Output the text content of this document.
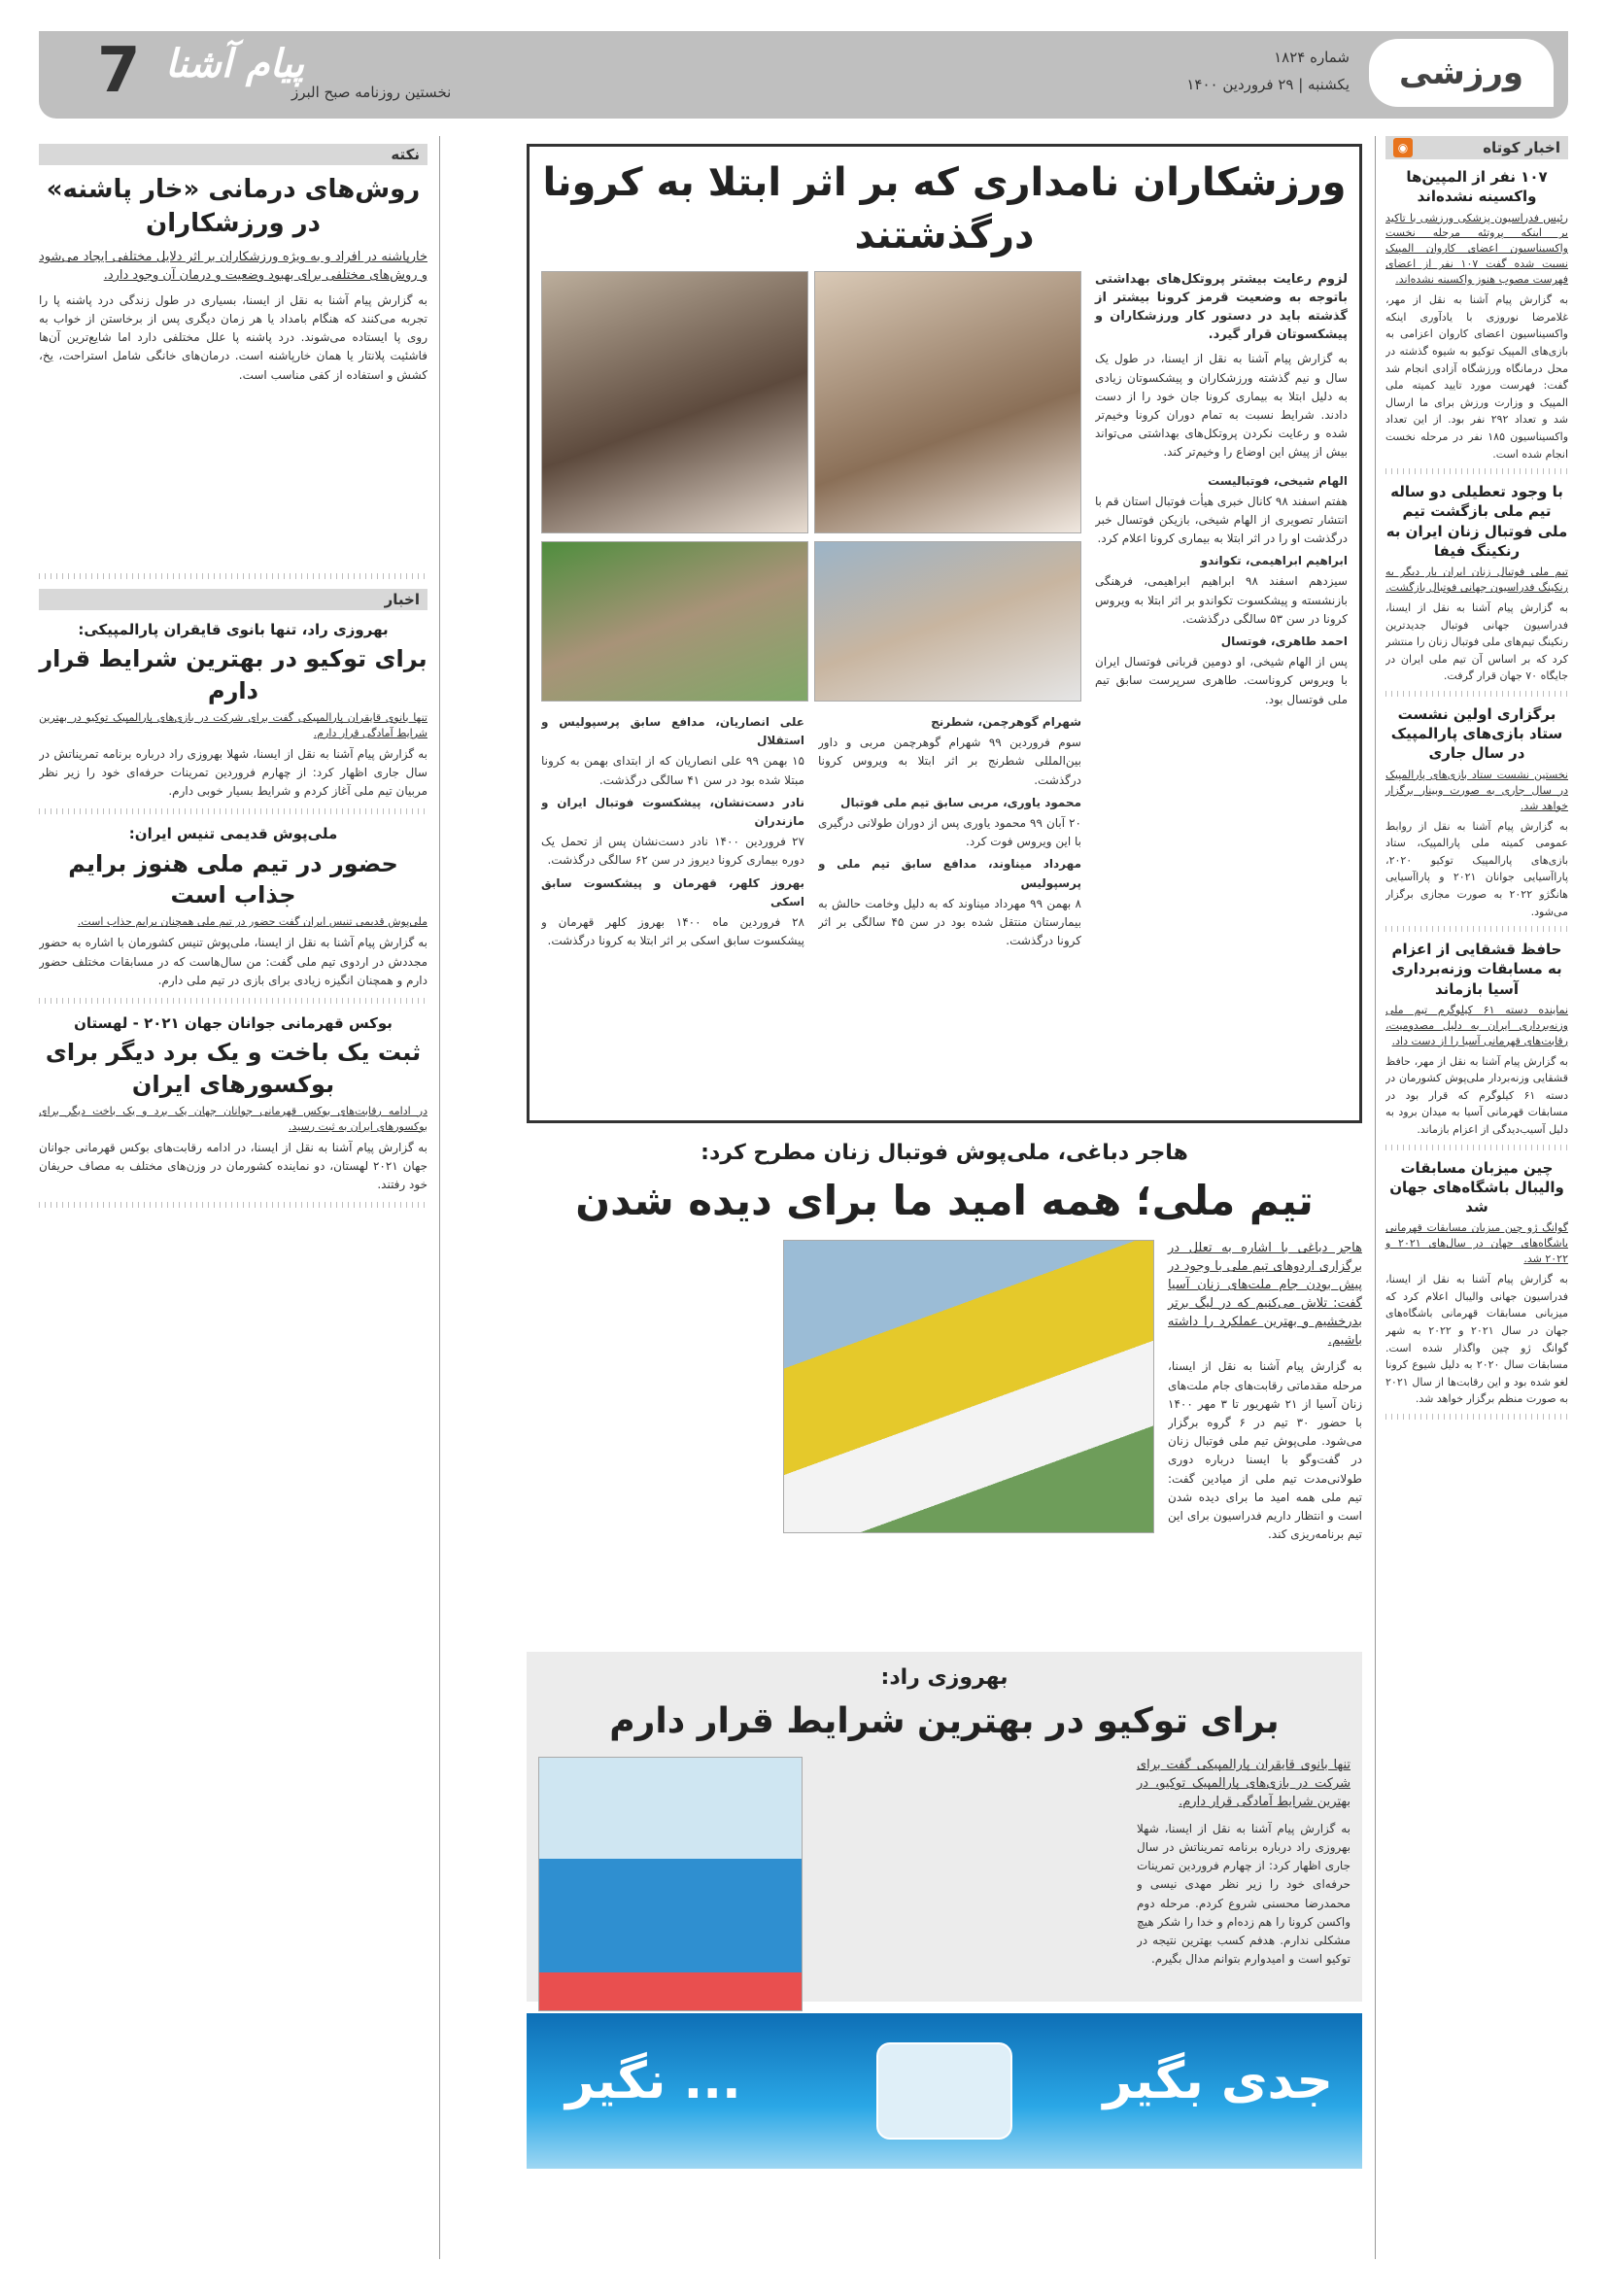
ورزشی
شماره ۱۸۲۴
یکشنبه | ۲۹ فروردین ۱۴۰۰
7 پیام آشنا
نخستین روزنامه صبح البرز
اخبار کوتاه
◉
۱۰۷ نفر از المپین‌ها واکسینه نشده‌اند
رئیس فدراسیون پزشکی ورزشی با تاکید بر اینکه پروتئه مرحله نخست واکسیناسیون اعضای کاروان المپیک نسبت شده گفت ۱۰۷ نفر از اعضای فهرست مصوب هنوز واکسینه نشده‌اند.
به گزارش پیام آشنا به نقل از مهر، غلامرضا نوروزی با یادآوری اینکه واکسیناسیون اعضای کاروان اعزامی به بازی‌های المپیک توکیو به شیوه گذشته در محل درمانگاه ورزشگاه آزادی انجام شد گفت: فهرست مورد تایید کمیته ملی المپیک و وزارت ورزش برای ما ارسال شد و تعداد ۲۹۲ نفر بود. از این تعداد واکسیناسیون ۱۸۵ نفر در مرحله نخست انجام شده است.
با وجود تعطیلی دو ساله تیم ملی بازگشت تیم ملی فوتبال زنان ایران به رنکینگ فیفا
تیم ملی فوتبال زنان ایران بار دیگر به رنکینگ فدراسیون جهانی فوتبال بازگشت.
به گزارش پیام آشنا به نقل از ایسنا، فدراسیون جهانی فوتبال جدیدترین رنکینگ تیم‌های ملی فوتبال زنان را منتشر کرد که بر اساس آن تیم ملی ایران در جایگاه ۷۰ جهان قرار گرفت.
برگزاری اولین نشست ستاد بازی‌های پارالمپیک در سال جاری
نخستین نشست ستاد بازی‌های پارالمپیک در سال جاری به صورت وبینار برگزار خواهد شد.
به گزارش پیام آشنا به نقل از روابط عمومی کمیته ملی پارالمپیک، ستاد بازی‌های پارالمپیک توکیو ۲۰۲۰، پاراآسیایی جوانان ۲۰۲۱ و پاراآسیایی هانگژو ۲۰۲۲ به صورت مجازی برگزار می‌شود.
حافظ قشقایی از اعزام به مسابقات وزنه‌برداری آسیا بازماند
نماینده دسته ۶۱ کیلوگرم تیم ملی وزنه‌برداری ایران به دلیل مصدومیت، رقابت‌های قهرمانی آسیا را از دست داد.
به گزارش پیام آشنا به نقل از مهر، حافظ قشقایی وزنه‌بردار ملی‌پوش کشورمان در دسته ۶۱ کیلوگرم که قرار بود در مسابقات قهرمانی آسیا به میدان برود به دلیل آسیب‌دیدگی از اعزام بازماند.
چین میزبان مسابقات والیبال باشگاه‌های جهان شد
گوانگ ژو چین میزبان مسابقات قهرمانی باشگاه‌های جهان در سال‌های ۲۰۲۱ و ۲۰۲۲ شد.
به گزارش پیام آشنا به نقل از ایسنا، فدراسیون جهانی والیبال اعلام کرد که میزبانی مسابقات قهرمانی باشگاه‌های جهان در سال ۲۰۲۱ و ۲۰۲۲ به شهر گوانگ ژو چین واگذار شده است. مسابقات سال ۲۰۲۰ به دلیل شیوع کرونا لغو شده بود و این رقابت‌ها از سال ۲۰۲۱ به صورت منظم برگزار خواهد شد.
ورزشکاران نامداری که بر اثر ابتلا به کرونا درگذشتند
لزوم رعایت بیشتر پروتکل‌های بهداشتی باتوجه به وضعیت قرمز کرونا بیشتر از گذشته باید در دستور کار ورزشکاران و پیشکسوتان قرار گیرد.
به گزارش پیام آشنا به نقل از ایسنا، در طول یک سال و نیم گذشته ورزشکاران و پیشکسوتان زیادی به دلیل ابتلا به بیماری کرونا جان خود را از دست دادند. شرایط نسبت به تمام دوران کرونا وخیم‌تر شده و رعایت نکردن پروتکل‌های بهداشتی می‌تواند بیش از پیش این اوضاع را وخیم‌تر کند.
الهام شیخی، فوتبالیست
هفتم اسفند ۹۸ کانال خبری هیأت فوتبال استان قم با انتشار تصویری از الهام شیخی، بازیکن فوتسال خبر درگذشت او را در اثر ابتلا به بیماری کرونا اعلام کرد.
ابراهیم ابراهیمی، تکواندو
سیزدهم اسفند ۹۸ ابراهیم ابراهیمی، فرهنگی بازنشسته و پیشکسوت تکواندو بر اثر ابتلا به ویروس کرونا در سن ۵۳ سالگی درگذشت.
احمد طاهری، فوتسال
پس از الهام شیخی، او دومین قربانی فوتسال ایران با ویروس کروناست. طاهری سرپرست سابق تیم ملی فوتسال بود.
شهرام گوهرچمن، شطرنج
سوم فروردین ۹۹ شهرام گوهرچمن مربی و داور بین‌المللی شطرنج بر اثر ابتلا به ویروس کرونا درگذشت.
محمود یاوری، مربی سابق تیم ملی فوتبال
۲۰ آبان ۹۹ محمود یاوری پس از دوران طولانی درگیری با این ویروس فوت کرد.
مهرداد میناوند، مدافع سابق تیم ملی و پرسپولیس
۸ بهمن ۹۹ مهرداد میناوند که به دلیل وخامت حالش به بیمارستان منتقل شده بود در سن ۴۵ سالگی بر اثر کرونا درگذشت.
علی انصاریان، مدافع سابق پرسپولیس و استقلال
۱۵ بهمن ۹۹ علی انصاریان که از ابتدای بهمن به کرونا مبتلا شده بود در سن ۴۱ سالگی درگذشت.
نادر دست‌نشان، پیشکسوت فوتبال ایران و مازندران
۲۷ فروردین ۱۴۰۰ نادر دست‌نشان پس از تحمل یک دوره بیماری کرونا دیروز در سن ۶۲ سالگی درگذشت.
بهروز کلهر، قهرمان و پیشکسوت سابق اسکی
۲۸ فروردین ماه ۱۴۰۰ بهروز کلهر قهرمان و پیشکسوت سابق اسکی بر اثر ابتلا به کرونا درگذشت.
هاجر دباغی، ملی‌پوش فوتبال زنان مطرح کرد:
تیم ملی؛ همه امید ما برای دیده شدن
هاجر دباغی با اشاره به تعلل در برگزاری اردوهای تیم ملی با وجود در پیش بودن جام ملت‌های زنان آسیا گفت: تلاش می‌کنیم که در لیگ برتر بدرخشیم و بهترین عملکرد را داشته باشیم.
به گزارش پیام آشنا به نقل از ایسنا، مرحله مقدماتی رقابت‌های جام ملت‌های زنان آسیا از ۲۱ شهریور تا ۳ مهر ۱۴۰۰ با حضور ۳۰ تیم در ۶ گروه برگزار می‌شود. ملی‌پوش تیم ملی فوتبال زنان در گفت‌وگو با ایسنا درباره دوری طولانی‌مدت تیم ملی از میادین گفت: تیم ملی همه امید ما برای دیده شدن است و انتظار داریم فدراسیون برای این تیم برنامه‌ریزی کند.
بهروزی راد:
برای توکیو در بهترین شرایط قرار دارم
تنها بانوی قایقران پارالمپیکی گفت برای شرکت در بازی‌های پارالمپیک توکیو، در بهترین شرایط آمادگی قرار دارم.
به گزارش پیام آشنا به نقل از ایسنا، شهلا بهروزی راد درباره برنامه تمریناتش در سال جاری اظهار کرد: از چهارم فروردین تمرینات حرفه‌ای خود را زیر نظر مهدی نیسی و محمدرضا محسنی شروع کردم. مرحله دوم واکسن کرونا را هم زده‌ام و خدا را شکر هیچ مشکلی ندارم. هدفم کسب بهترین نتیجه در توکیو است و امیدوارم بتوانم مدال بگیرم.
جدی بگیر
... نگیر
نکته
روش‌های درمانی «خار پاشنه» در ورزشکاران
خارپاشنه در افراد و به ویژه ورزشکاران بر اثر دلایل مختلفی ایجاد می‌شود و روش‌های مختلفی برای بهبود وضعیت و درمان آن وجود دارد.
به گزارش پیام آشنا به نقل از ایسنا، بسیاری در طول زندگی درد پاشنه پا را تجربه می‌کنند که هنگام بامداد یا هر زمان دیگری پس از برخاستن از خواب به روی پا ایستاده می‌شوند. درد پاشنه پا علل مختلفی دارد اما شایع‌ترین آن‌ها فاشئیت پلانتار یا همان خارپاشنه است. درمان‌های خانگی شامل استراحت، یخ، کشش و استفاده از کفی مناسب است.
اخبار
بهروزی راد، تنها بانوی قایقران پارالمپیکی:
برای توکیو در بهترین شرایط قرار دارم
تنها بانوی قایقران پارالمپیکی گفت برای شرکت در بازی‌های پارالمپیک توکیو در بهترین شرایط آمادگی قرار دارم.
به گزارش پیام آشنا به نقل از ایسنا، شهلا بهروزی راد درباره برنامه تمریناتش در سال جاری اظهار کرد: از چهارم فروردین تمرینات حرفه‌ای خود را زیر نظر مربیان تیم ملی آغاز کردم و شرایط بسیار خوبی دارم.
ملی‌پوش قدیمی تنیس ایران:
حضور در تیم ملی هنوز برایم جذاب است
ملی‌پوش قدیمی تنیس ایران گفت حضور در تیم ملی همچنان برایم جذاب است.
به گزارش پیام آشنا به نقل از ایسنا، ملی‌پوش تنیس کشورمان با اشاره به حضور مجددش در اردوی تیم ملی گفت: من سال‌هاست که در مسابقات مختلف حضور دارم و همچنان انگیزه زیادی برای بازی در تیم ملی دارم.
بوکس قهرمانی جوانان جهان ۲۰۲۱ - لهستان
ثبت یک باخت و یک برد دیگر برای بوکسورهای ایران
در ادامه رقابت‌های بوکس قهرمانی جوانان جهان یک برد و یک باخت دیگر برای بوکسورهای ایران به ثبت رسید.
به گزارش پیام آشنا به نقل از ایسنا، در ادامه رقابت‌های بوکس قهرمانی جوانان جهان ۲۰۲۱ لهستان، دو نماینده کشورمان در وزن‌های مختلف به مصاف حریفان خود رفتند.
